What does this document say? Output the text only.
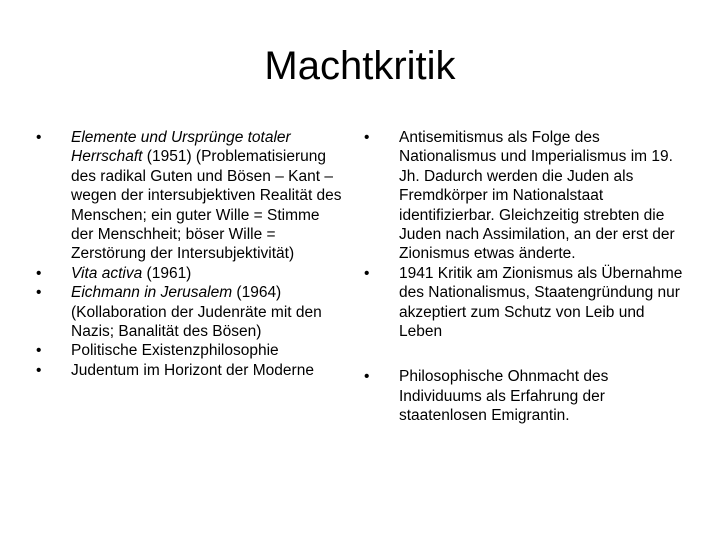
Machtkritik
• Elemente und Ursprünge totaler Herrschaft (1951) (Problematisierung des radikal Guten und Bösen – Kant – wegen der intersubjektiven Realität des Menschen; ein guter Wille = Stimme der Menschheit; böser Wille = Zerstörung der Intersubjektivität)
• Vita activa (1961)
• Eichmann in Jerusalem (1964) (Kollaboration der Judenräte mit den Nazis; Banalität des Bösen)
• Politische Existenzphilosophie
• Judentum im Horizont der Moderne
• Antisemitismus als Folge des Nationalismus und Imperialismus im 19. Jh. Dadurch werden die Juden als Fremdkörper im Nationalstaat identifizierbar. Gleichzeitig strebten die Juden nach Assimilation, an der erst der Zionismus etwas änderte.
• 1941 Kritik am Zionismus als Übernahme des Nationalismus, Staatengründung nur akzeptiert zum Schutz von Leib und Leben
• Philosophische Ohnmacht des Individuums als Erfahrung der staatenlosen Emigrantin.
